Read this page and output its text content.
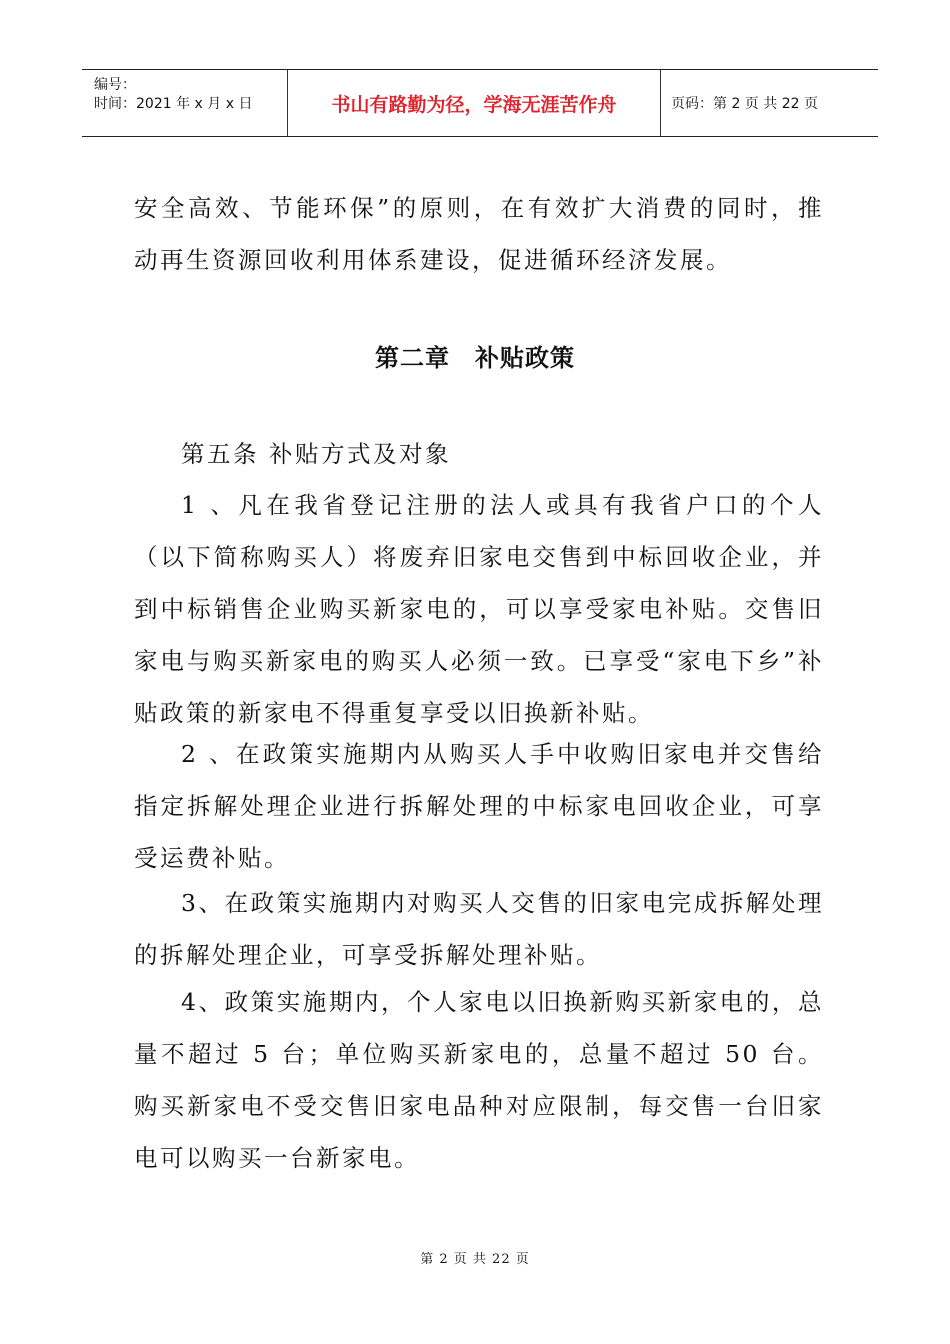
编号：
时间：2021 年 x 月 x 日	书山有路勤为径，学海无涯苦作舟	页码：第 2 页 共 22 页
安全高效、节能环保”的原则，在有效扩大消费的同时，推动再生资源回收利用体系建设，促进循环经济发展。
第二章　补贴政策
第五条 补贴方式及对象
1 、凡在我省登记注册的法人或具有我省户口的个人（以下简称购买人）将废弃旧家电交售到中标回收企业，并到中标销售企业购买新家电的，可以享受家电补贴。交售旧家电与购买新家电的购买人必须一致。已享受“家电下乡”补贴政策的新家电不得重复享受以旧换新补贴。
2 、在政策实施期内从购买人手中收购旧家电并交售给指定拆解处理企业进行拆解处理的中标家电回收企业，可享受运费补贴。
3、在政策实施期内对购买人交售的旧家电完成拆解处理的拆解处理企业，可享受拆解处理补贴。
4、政策实施期内，个人家电以旧换新购买新家电的，总量不超过 5 台；单位购买新家电的，总量不超过 50 台。购买新家电不受交售旧家电品种对应限制，每交售一台旧家电可以购买一台新家电。
第 2 页 共 22 页
